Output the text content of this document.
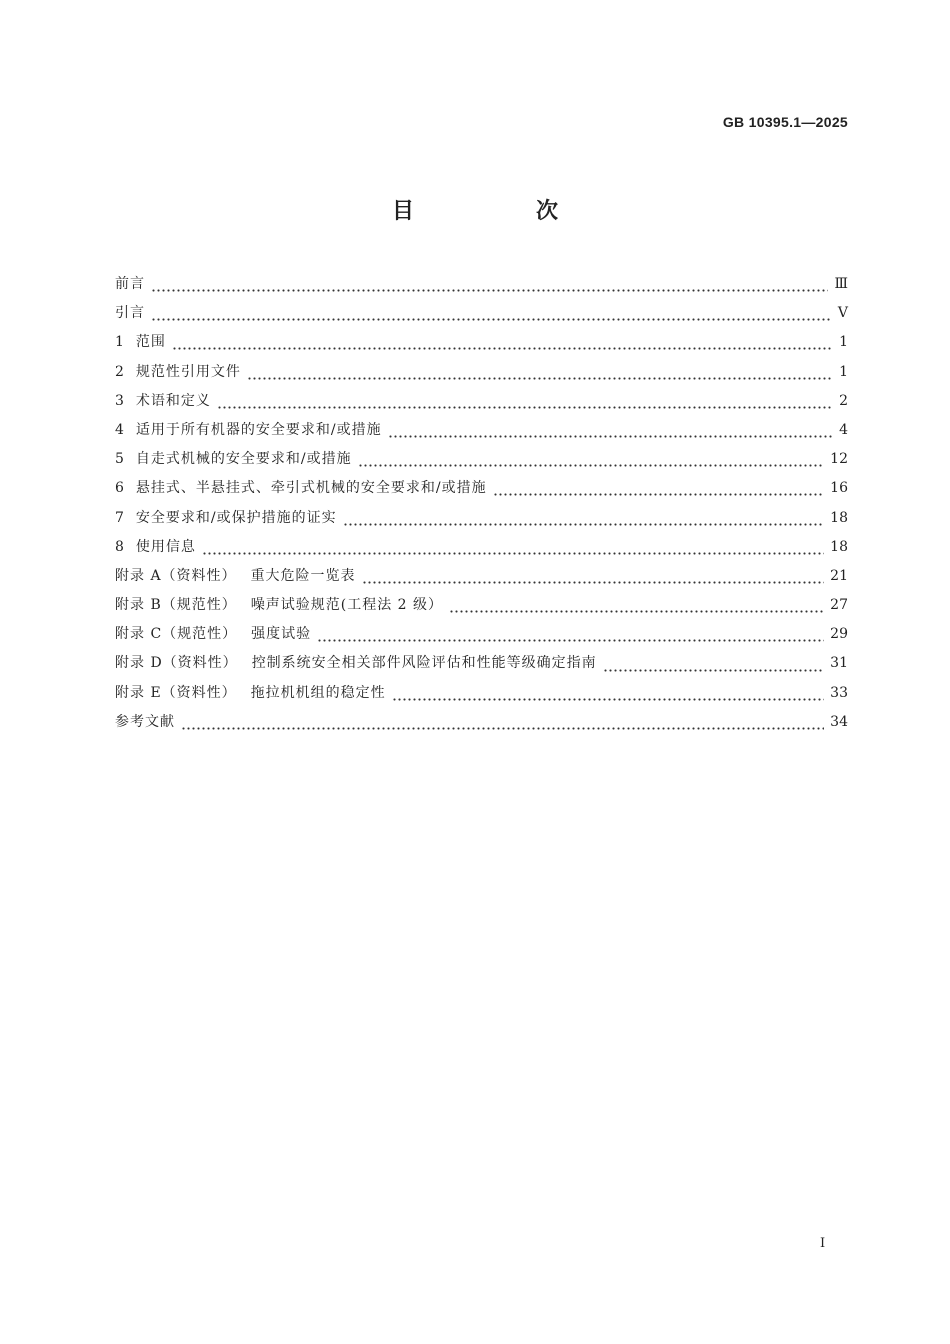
GB 10395.1—2025
目　次
前言	Ⅲ
引言	Ⅴ
1 范围	1
2 规范性引用文件	1
3 术语和定义	2
4 适用于所有机器的安全要求和/或措施	4
5 自走式机械的安全要求和/或措施	12
6 悬挂式、半悬挂式、牵引式机械的安全要求和/或措施	16
7 安全要求和/或保护措施的证实	18
8 使用信息	18
附录 A（资料性） 重大危险一览表	21
附录 B（规范性） 噪声试验规范(工程法 2 级）	27
附录 C（规范性） 强度试验	29
附录 D（资料性） 控制系统安全相关部件风险评估和性能等级确定指南	31
附录 E（资料性） 拖拉机机组的稳定性	33
参考文献	34
Ⅰ
